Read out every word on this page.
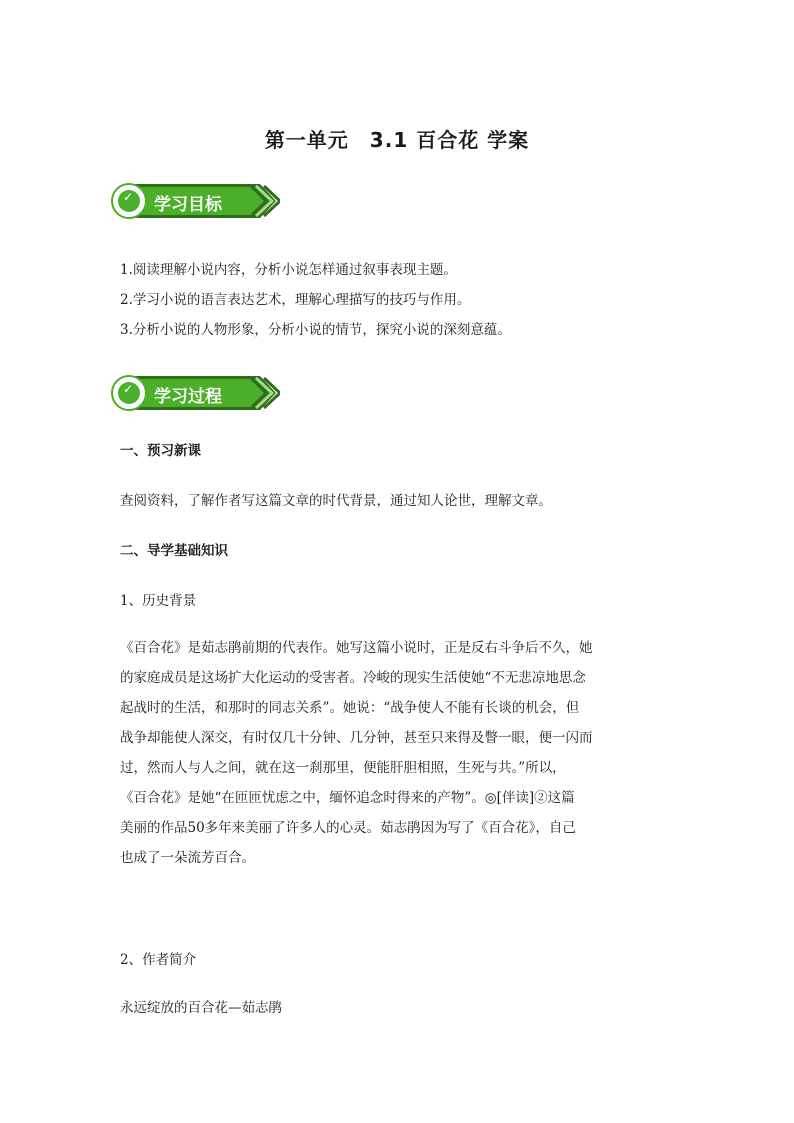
第一单元　3.1 百合花 学案
✓ 学习目标
1.阅读理解小说内容，分析小说怎样通过叙事表现主题。
2.学习小说的语言表达艺术，理解心理描写的技巧与作用。
3.分析小说的人物形象，分析小说的情节，探究小说的深刻意蕴。
✓ 学习过程
一、预习新课
查阅资料，了解作者写这篇文章的时代背景，通过知人论世，理解文章。
二、导学基础知识
1、历史背景
《百合花》是茹志鹃前期的代表作。她写这篇小说时，正是反右斗争后不久，她
的家庭成员是这场扩大化运动的受害者。冷峻的现实生活使她“不无悲凉地思念
起战时的生活，和那时的同志关系”。她说：“战争使人不能有长谈的机会，但
战争却能使人深交，有时仅几十分钟、几分钟，甚至只来得及瞥一眼，便一闪而
过，然而人与人之间，就在这一刹那里，便能肝胆相照，生死与共。”所以，
《百合花》是她“在匝匝忧虑之中，缅怀追念时得来的产物”。◎[伴读]②这篇
美丽的作品50多年来美丽了许多人的心灵。茹志鹃因为写了《百合花》，自己
也成了一朵流芳百合。
2、作者简介
永远绽放的百合花—茹志鹃
